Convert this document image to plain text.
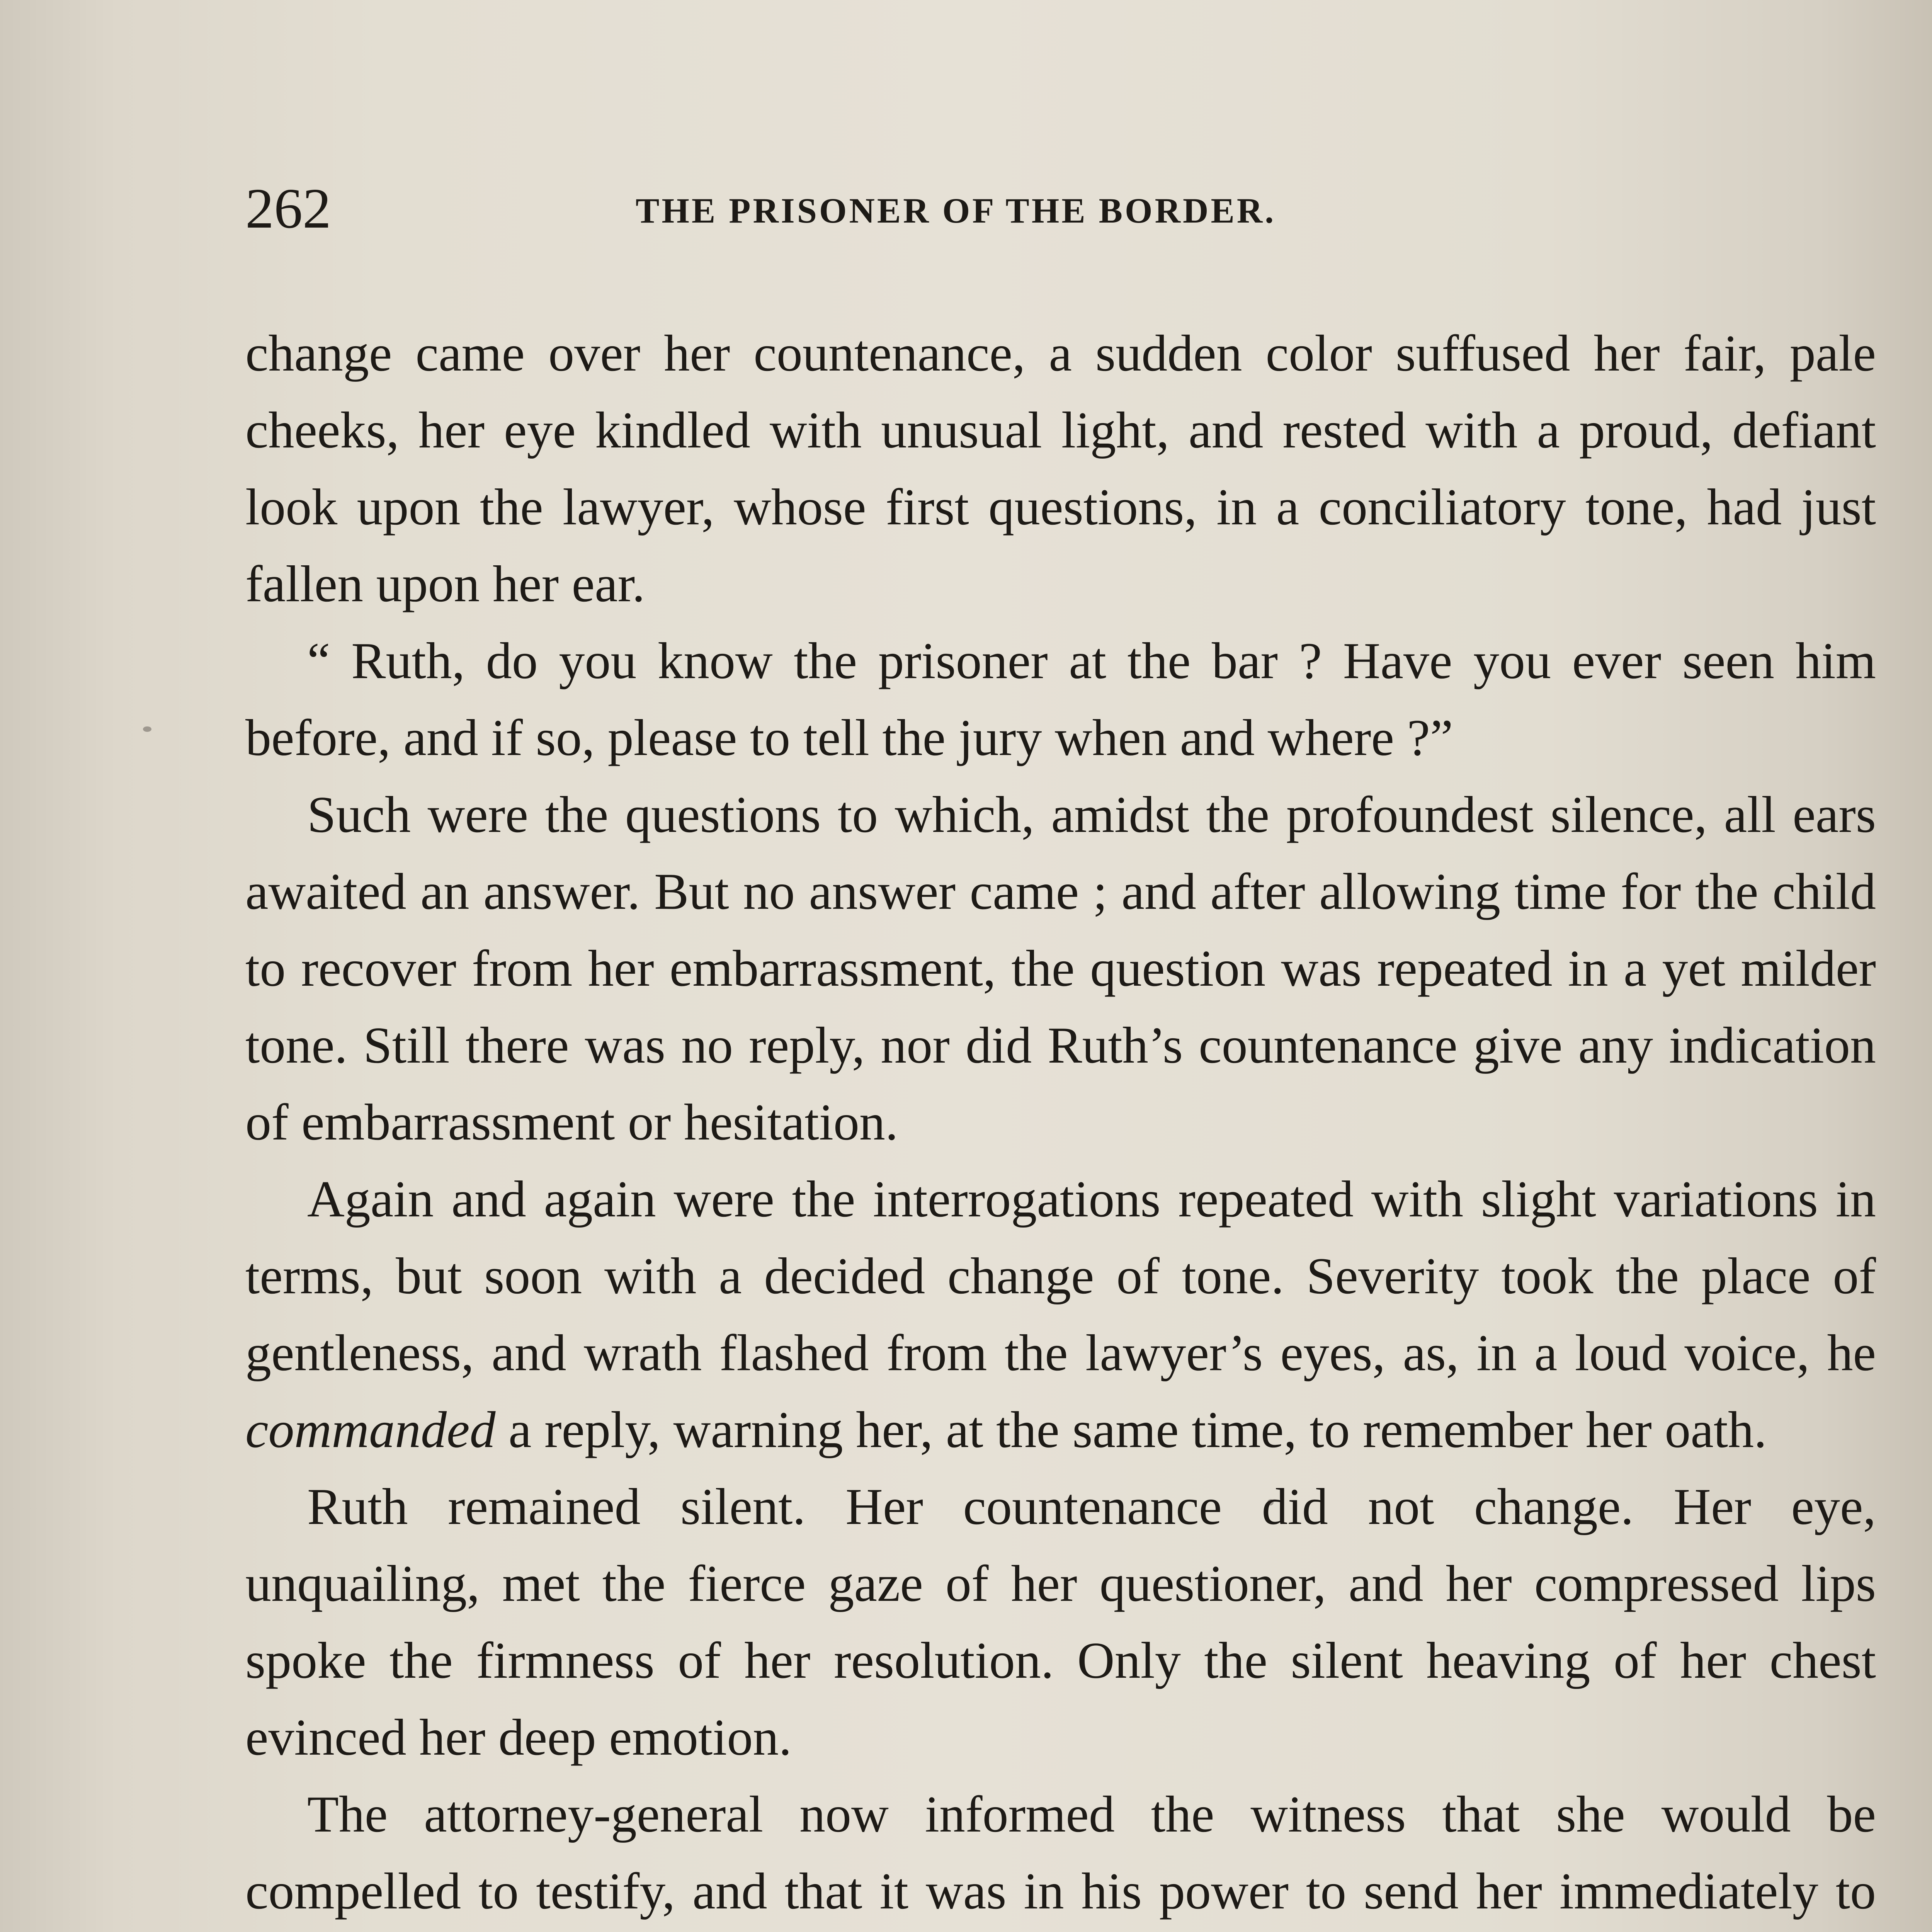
262	THE PRISONER OF THE BORDER.

change came over her countenance, a sudden color suffused her fair, pale cheeks, her eye kindled with unusual light, and rested with a proud, defiant look upon the lawyer, whose first questions, in a conciliatory tone, had just fallen upon her ear.

“ Ruth, do you know the prisoner at the bar ? Have you ever seen him before, and if so, please to tell the jury when and where ?”

Such were the questions to which, amidst the profoundest silence, all ears awaited an answer. But no answer came ; and after allowing time for the child to recover from her embarrassment, the question was repeated in a yet milder tone. Still there was no reply, nor did Ruth’s countenance give any indication of embarrassment or hesitation.

Again and again were the interrogations repeated with slight variations in terms, but soon with a decided change of tone. Severity took the place of gentleness, and wrath flashed from the lawyer’s eyes, as, in a loud voice, he commanded a reply, warning her, at the same time, to remember her oath.

Ruth remained silent. Her countenance did not change. Her eye, unquailing, met the fierce gaze of her questioner, and her compressed lips spoke the firmness of her resolution. Only the silent heaving of her chest evinced her deep emotion.

The attorney-general now informed the witness that she would be compelled to testify, and that it was in his power to send her immediately to
